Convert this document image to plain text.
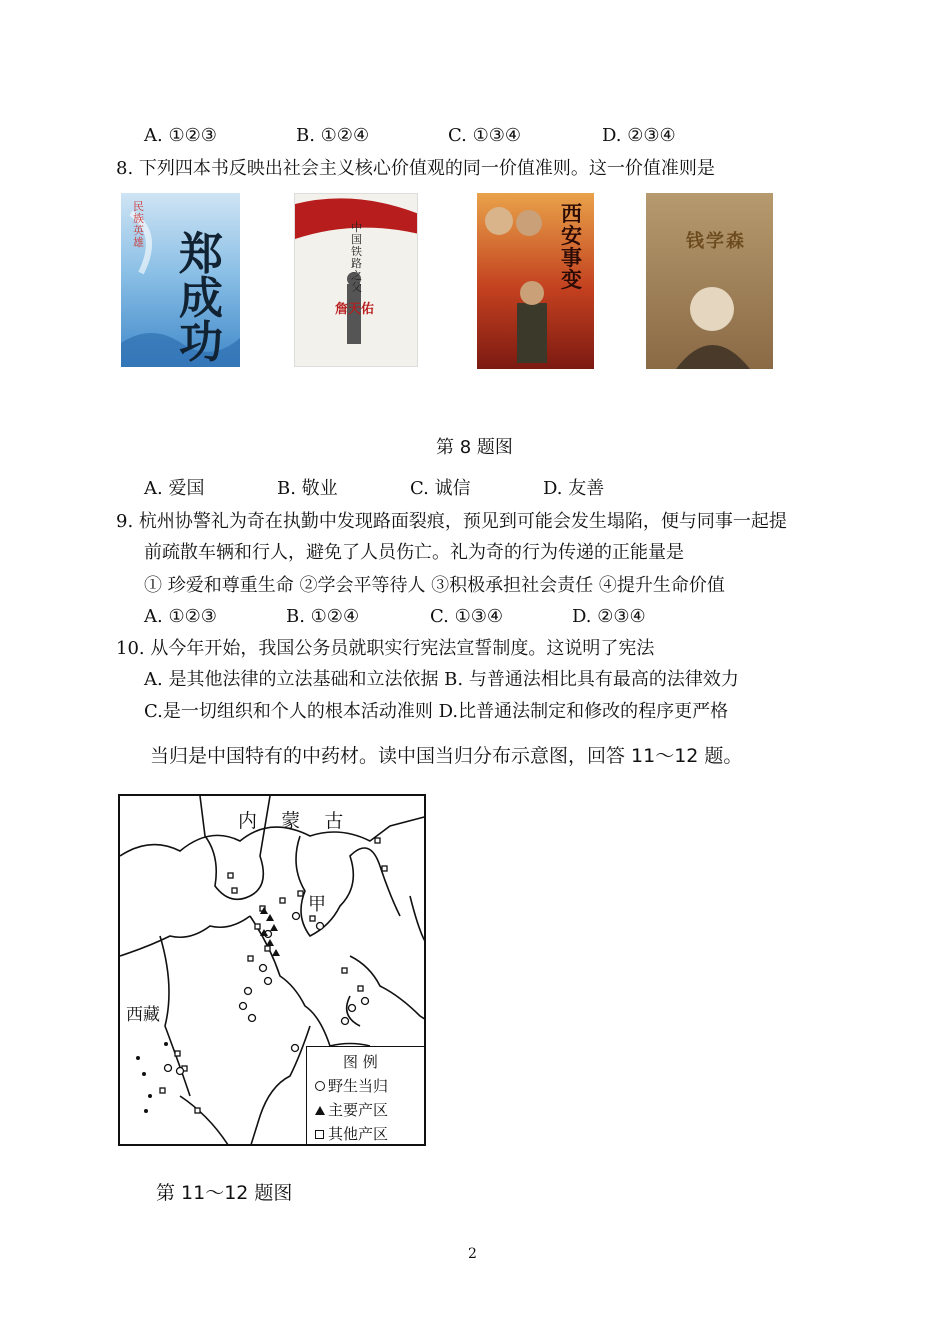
A. ①②③	B. ①②④	C. ①③④	D. ②③④
8. 下列四本书反映出社会主义核心价值观的同一价值准则。这一价值准则是
民族英雄 郑成功
中国铁路之父
詹天佑
西安事变
钱学森
第 8 题图
A. 爱国	B. 敬业	C. 诚信	D. 友善
9. 杭州协警礼为奇在执勤中发现路面裂痕，预见到可能会发生塌陷，便与同事一起提
前疏散车辆和行人，避免了人员伤亡。礼为奇的行为传递的正能量是
① 珍爱和尊重生命 ②学会平等待人 ③积极承担社会责任 ④提升生命价值
A. ①②③	B. ①②④	C. ①③④	D. ②③④
10. 从今年开始，我国公务员就职实行宪法宣誓制度。这说明了宪法
A. 是其他法律的立法基础和立法依据 B. 与普通法相比具有最高的法律效力
C.是一切组织和个人的根本活动准则 D.比普通法制定和修改的程序更严格
当归是中国特有的中药材。读中国当归分布示意图，回答 11～12 题。
内    蒙    古
甲
西藏
图 例
野生当归
主要产区
其他产区
第 11～12 题图
2
